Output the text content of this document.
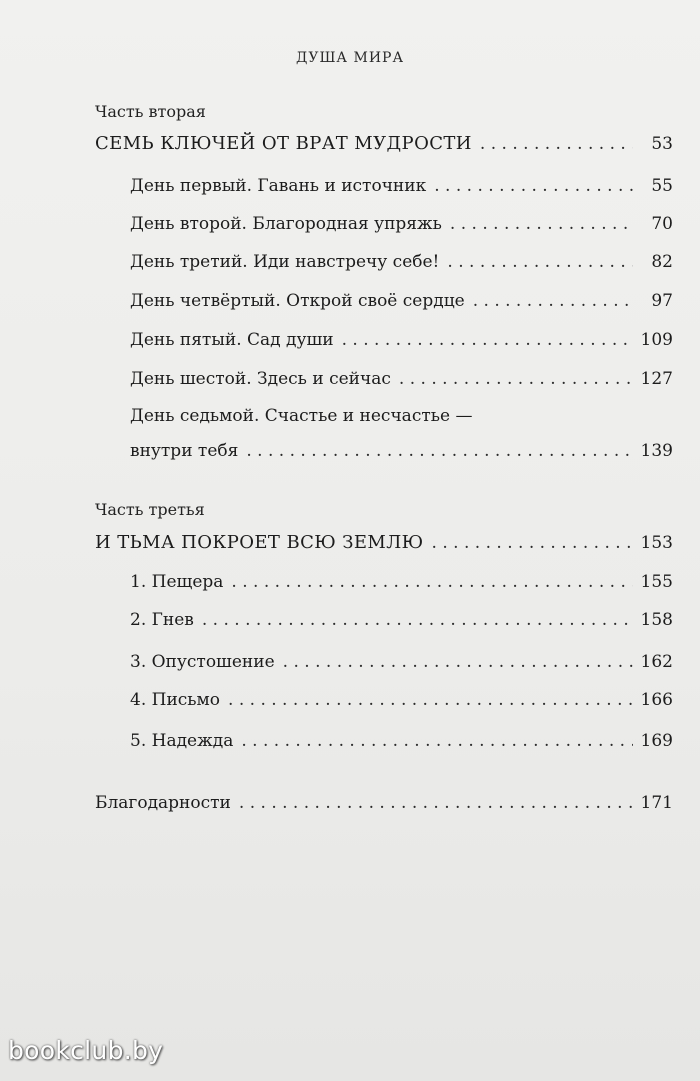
ДУША МИРА
Часть вторая
СЕМЬ КЛЮЧЕЙ ОТ ВРАТ МУДРОСТИ . . .	53
День первый. Гавань и источник . . .	55
День второй. Благородная упряжь . . .	70
День третий. Иди навстречу себе! . . .	82
День четвёртый. Открой своё сердце . . .	97
День пятый. Сад души . . .	109
День шестой. Здесь и сейчас . . .	127
День седьмой. Счастье и несчастье —
внутри тебя . . .	139
Часть третья
И ТЬМА ПОКРОЕТ ВСЮ ЗЕМЛЮ . . .	153
1. Пещера . . .	155
2. Гнев . . .	158
3. Опустошение . . .	162
4. Письмо . . .	166
5. Надежда . . .	169
Благодарности . . .	171
bookclub.by
